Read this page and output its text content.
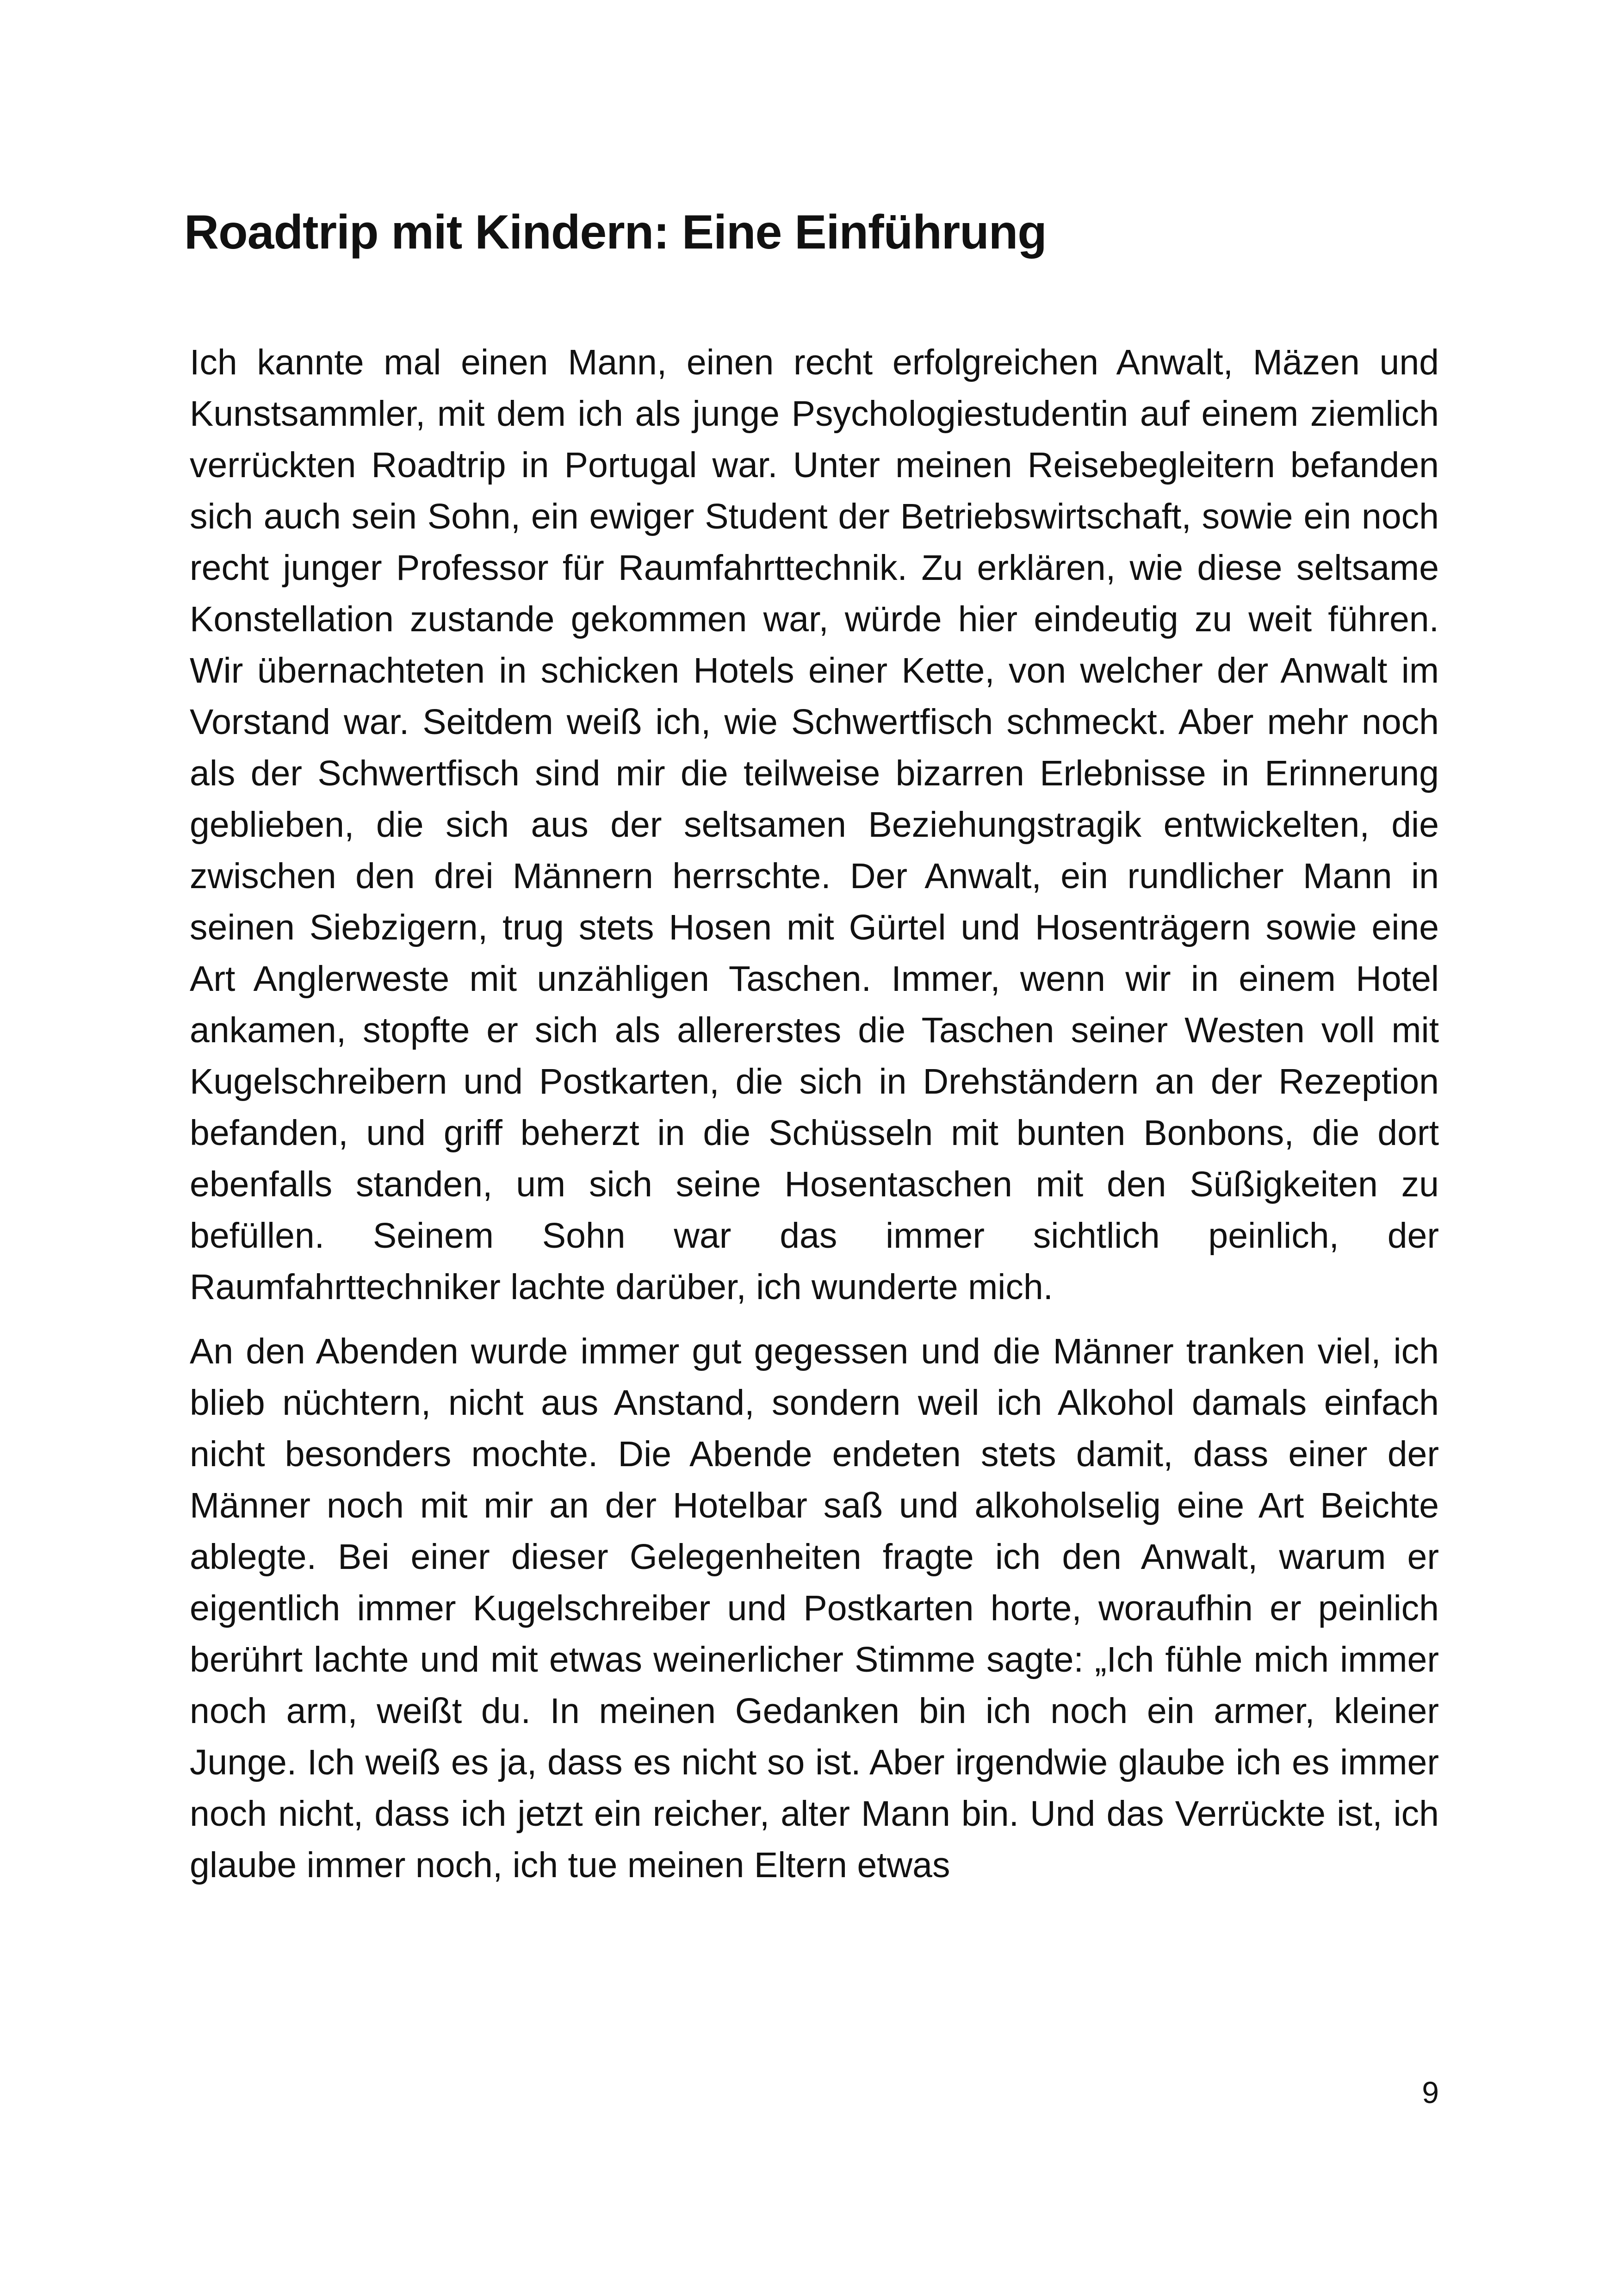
Roadtrip mit Kindern: Eine Einführung

Ich kannte mal einen Mann, einen recht erfolgreichen Anwalt, Mäzen und Kunstsammler, mit dem ich als junge Psychologiestudentin auf einem ziemlich verrückten Roadtrip in Portugal war. Unter meinen Reisebegleitern befanden sich auch sein Sohn, ein ewiger Student der Betriebswirtschaft, sowie ein noch recht junger Professor für Raumfahrttechnik. Zu erklären, wie diese seltsame Konstellation zustande gekommen war, würde hier eindeutig zu weit führen. Wir übernachteten in schicken Hotels einer Kette, von welcher der Anwalt im Vorstand war. Seitdem weiß ich, wie Schwertfisch schmeckt. Aber mehr noch als der Schwertfisch sind mir die teilweise bizarren Erlebnisse in Erinnerung geblieben, die sich aus der seltsamen Beziehungstragik entwickelten, die zwischen den drei Männern herrschte. Der Anwalt, ein rundlicher Mann in seinen Siebzigern, trug stets Hosen mit Gürtel und Hosenträgern sowie eine Art Anglerweste mit unzähligen Taschen. Immer, wenn wir in einem Hotel ankamen, stopfte er sich als allererstes die Taschen seiner Westen voll mit Kugelschreibern und Postkarten, die sich in Drehständern an der Rezeption befanden, und griff beherzt in die Schüsseln mit bunten Bonbons, die dort ebenfalls standen, um sich seine Hosentaschen mit den Süßigkeiten zu befüllen. Seinem Sohn war das immer sichtlich peinlich, der Raumfahrttechniker lachte darüber, ich wunderte mich.

An den Abenden wurde immer gut gegessen und die Männer tranken viel, ich blieb nüchtern, nicht aus Anstand, sondern weil ich Alkohol damals einfach nicht besonders mochte. Die Abende endeten stets damit, dass einer der Männer noch mit mir an der Hotelbar saß und alkoholselig eine Art Beichte ablegte. Bei einer dieser Gelegenheiten fragte ich den Anwalt, warum er eigentlich immer Kugelschreiber und Postkarten horte, woraufhin er peinlich berührt lachte und mit etwas weinerlicher Stimme sagte: „Ich fühle mich immer noch arm, weißt du. In meinen Gedanken bin ich noch ein armer, kleiner Junge. Ich weiß es ja, dass es nicht so ist. Aber irgendwie glaube ich es immer noch nicht, dass ich jetzt ein reicher, alter Mann bin. Und das Verrückte ist, ich glaube immer noch, ich tue meinen Eltern etwas

9
